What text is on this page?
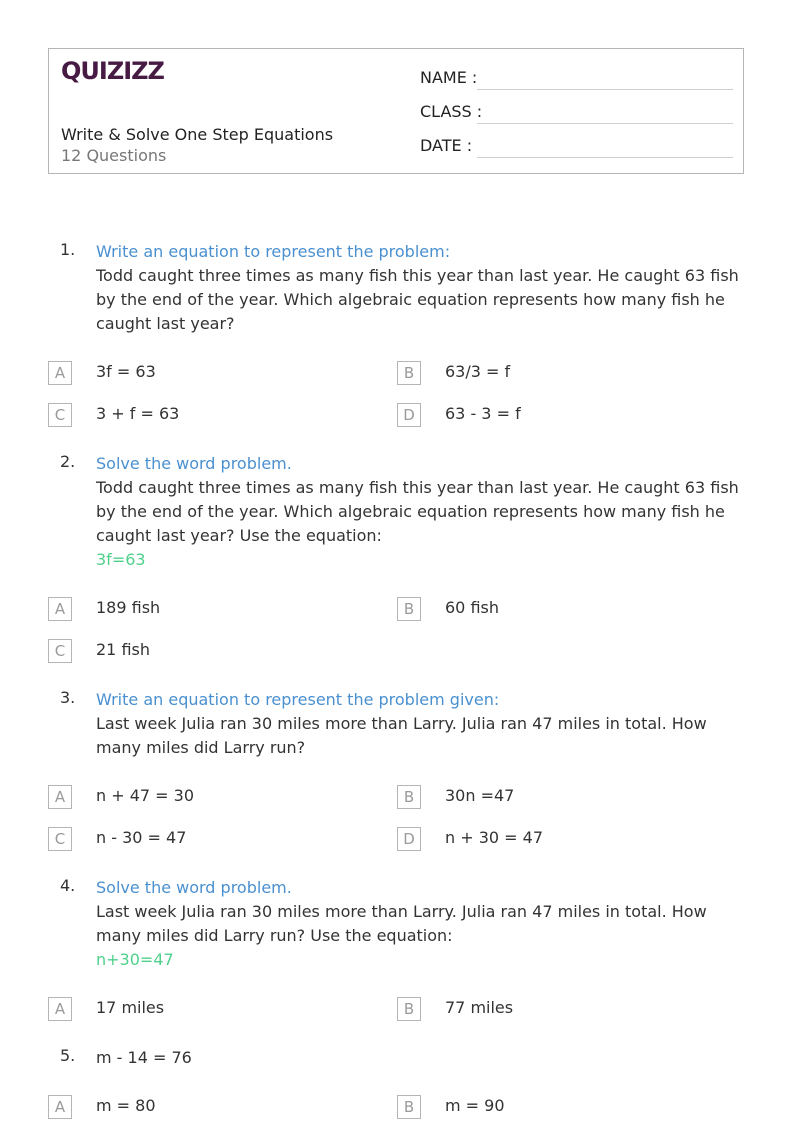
QUIZIZZ
Write & Solve One Step Equations
12 Questions
NAME :
CLASS :
DATE :
1. Write an equation to represent the problem:
Todd caught three times as many fish this year than last year. He caught 63 fish by the end of the year. Which algebraic equation represents how many fish he caught last year?
A	3f = 63	B	63/3 = f
C	3 + f = 63	D	63 - 3 = f
2. Solve the word problem.
Todd caught three times as many fish this year than last year. He caught 63 fish by the end of the year. Which algebraic equation represents how many fish he caught last year? Use the equation:
3f=63
A	189 fish	B	60 fish
C	21 fish
3. Write an equation to represent the problem given:
Last week Julia ran 30 miles more than Larry. Julia ran 47 miles in total. How many miles did Larry run?
A	n + 47 = 30	B	30n =47
C	n - 30 = 47	D	n + 30 = 47
4. Solve the word problem.
Last week Julia ran 30 miles more than Larry. Julia ran 47 miles in total. How many miles did Larry run? Use the equation:
n+30=47
A	17 miles	B	77 miles
5. m - 14 = 76
A	m = 80	B	m = 90
